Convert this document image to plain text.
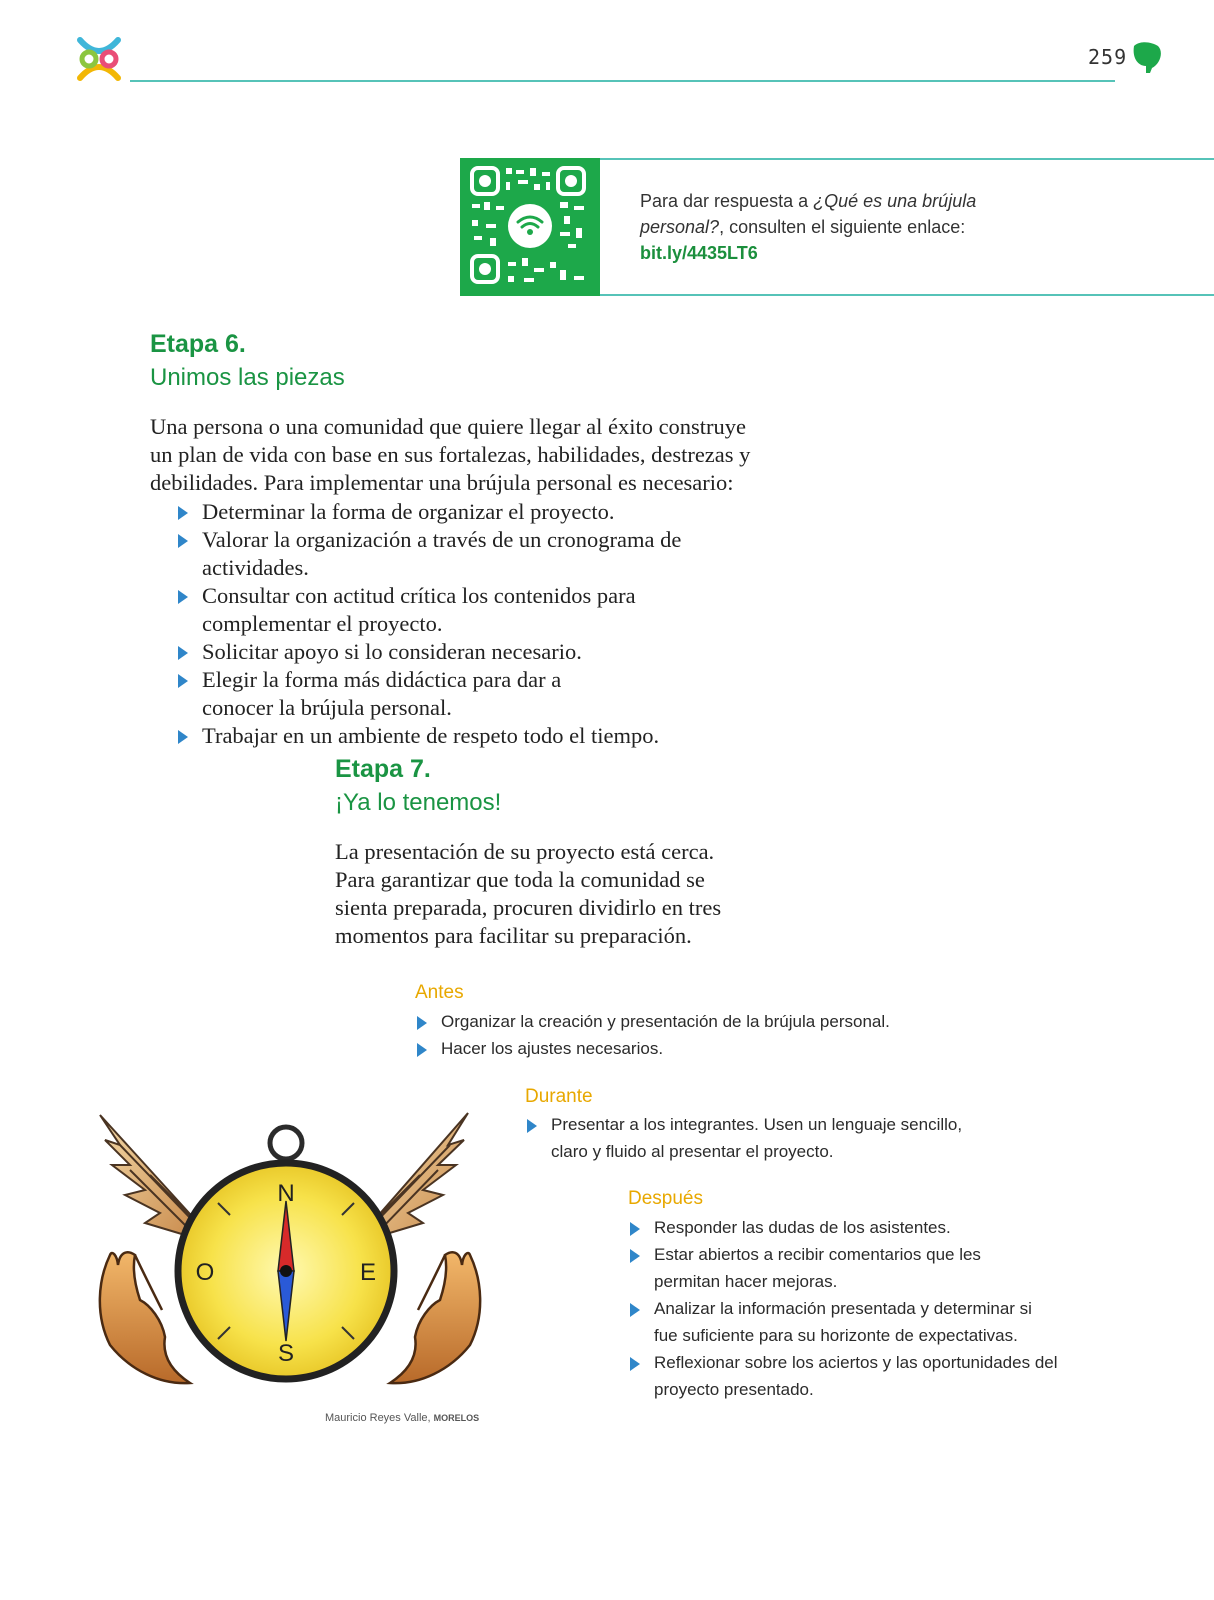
259
Para dar respuesta a ¿Qué es una brújula personal?, consulten el siguiente enlace:
bit.ly/4435LT6
Etapa 6.
Unimos las piezas
Una persona o una comunidad que quiere llegar al éxito construye un plan de vida con base en sus fortalezas, habilidades, destrezas y debilidades. Para implementar una brújula personal es necesario:
Determinar la forma de organizar el proyecto.
Valorar la organización a través de un cronograma de actividades.
Consultar con actitud crítica los contenidos para complementar el proyecto.
Solicitar apoyo si lo consideran necesario.
Elegir la forma más didáctica para dar a conocer la brújula personal.
Trabajar en un ambiente de respeto todo el tiempo.
Etapa 7.
¡Ya lo tenemos!
La presentación de su proyecto está cerca. Para garantizar que toda la comunidad se sienta preparada, procuren dividirlo en tres momentos para facilitar su preparación.
Antes
Organizar la creación y presentación de la brújula personal.
Hacer los ajustes necesarios.
Durante
Presentar a los integrantes. Usen un lenguaje sencillo, claro y fluido al presentar el proyecto.
Después
Responder las dudas de los asistentes.
Estar abiertos a recibir comentarios que les permitan hacer mejoras.
Analizar la información presentada y determinar si fue suficiente para su horizonte de expectativas.
Reflexionar sobre los aciertos y las oportunidades del proyecto presentado.
N
E
S
O
Mauricio Reyes Valle, MORELOS
